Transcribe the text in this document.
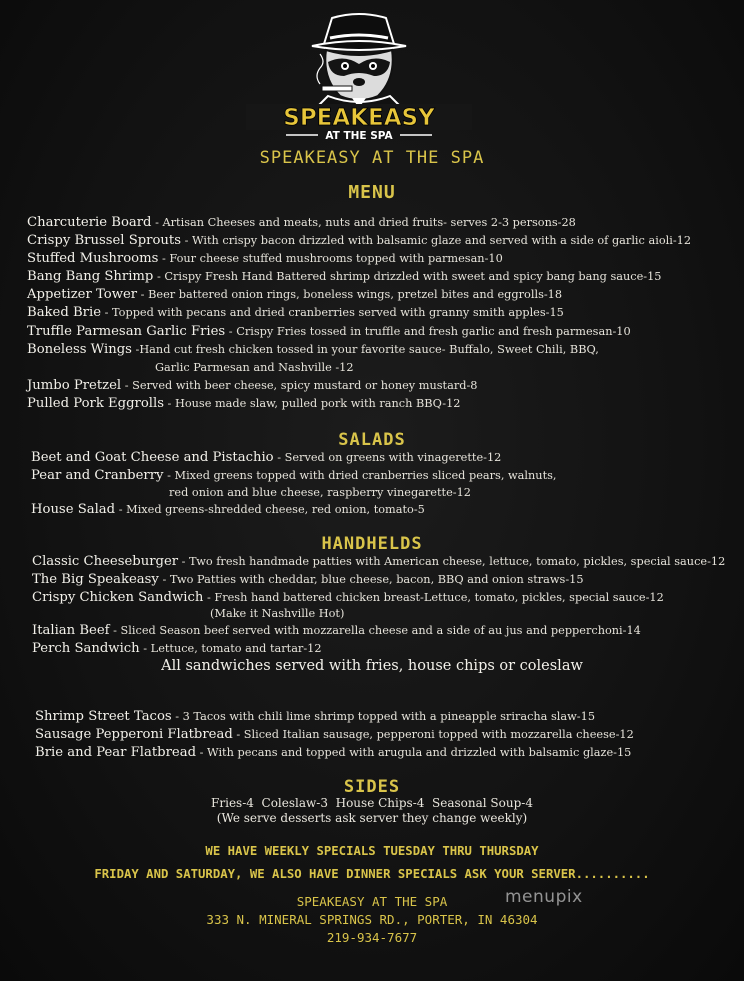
SPEAKEASY
AT THE SPA
SPEAKEASY AT THE SPA
MENU
Charcuterie Board - Artisan Cheeses and meats, nuts and dried fruits- serves 2-3 persons-28
Crispy Brussel Sprouts - With crispy bacon drizzled with balsamic glaze and served with a side of garlic aioli-12
Stuffed Mushrooms - Four cheese stuffed mushrooms topped with parmesan-10
Bang Bang Shrimp - Crispy Fresh Hand Battered shrimp drizzled with sweet and spicy bang bang sauce-15
Appetizer Tower - Beer battered onion rings, boneless wings, pretzel bites and eggrolls-18
Baked Brie - Topped with pecans and dried cranberries served with granny smith apples-15
Truffle Parmesan Garlic Fries - Crispy Fries tossed in truffle and fresh garlic and fresh parmesan-10
Boneless Wings -Hand cut fresh chicken tossed in your favorite sauce- Buffalo, Sweet Chili, BBQ,
Garlic Parmesan and Nashville -12
Jumbo Pretzel - Served with beer cheese, spicy mustard or honey mustard-8
Pulled Pork Eggrolls - House made slaw, pulled pork with ranch BBQ-12
SALADS
Beet and Goat Cheese and Pistachio - Served on greens with vinagerette-12
Pear and Cranberry - Mixed greens topped with dried cranberries sliced pears, walnuts,
red onion and blue cheese, raspberry vinegarette-12
House Salad - Mixed greens-shredded cheese, red onion, tomato-5
HANDHELDS
Classic Cheeseburger - Two fresh handmade patties with American cheese, lettuce, tomato, pickles, special sauce-12
The Big Speakeasy - Two Patties with cheddar, blue cheese, bacon, BBQ and onion straws-15
Crispy Chicken Sandwich - Fresh hand battered chicken breast-Lettuce, tomato, pickles, special sauce-12
(Make it Nashville Hot)
Italian Beef - Sliced Season beef served with mozzarella cheese and a side of au jus and pepperchoni-14
Perch Sandwich - Lettuce, tomato and tartar-12
All sandwiches served with fries, house chips or coleslaw
Shrimp Street Tacos - 3 Tacos with chili lime shrimp topped with a pineapple sriracha slaw-15
Sausage Pepperoni Flatbread - Sliced Italian sausage, pepperoni topped with mozzarella cheese-12
Brie and Pear Flatbread - With pecans and topped with arugula and drizzled with balsamic glaze-15
SIDES
Fries-4  Coleslaw-3  House Chips-4  Seasonal Soup-4
(We serve desserts ask server they change weekly)
WE HAVE WEEKLY SPECIALS TUESDAY THRU THURSDAY
FRIDAY AND SATURDAY, WE ALSO HAVE DINNER SPECIALS ASK YOUR SERVER..........
SPEAKEASY AT THE SPA
333 N. MINERAL SPRINGS RD., PORTER, IN 46304
219-934-7677
menupix
